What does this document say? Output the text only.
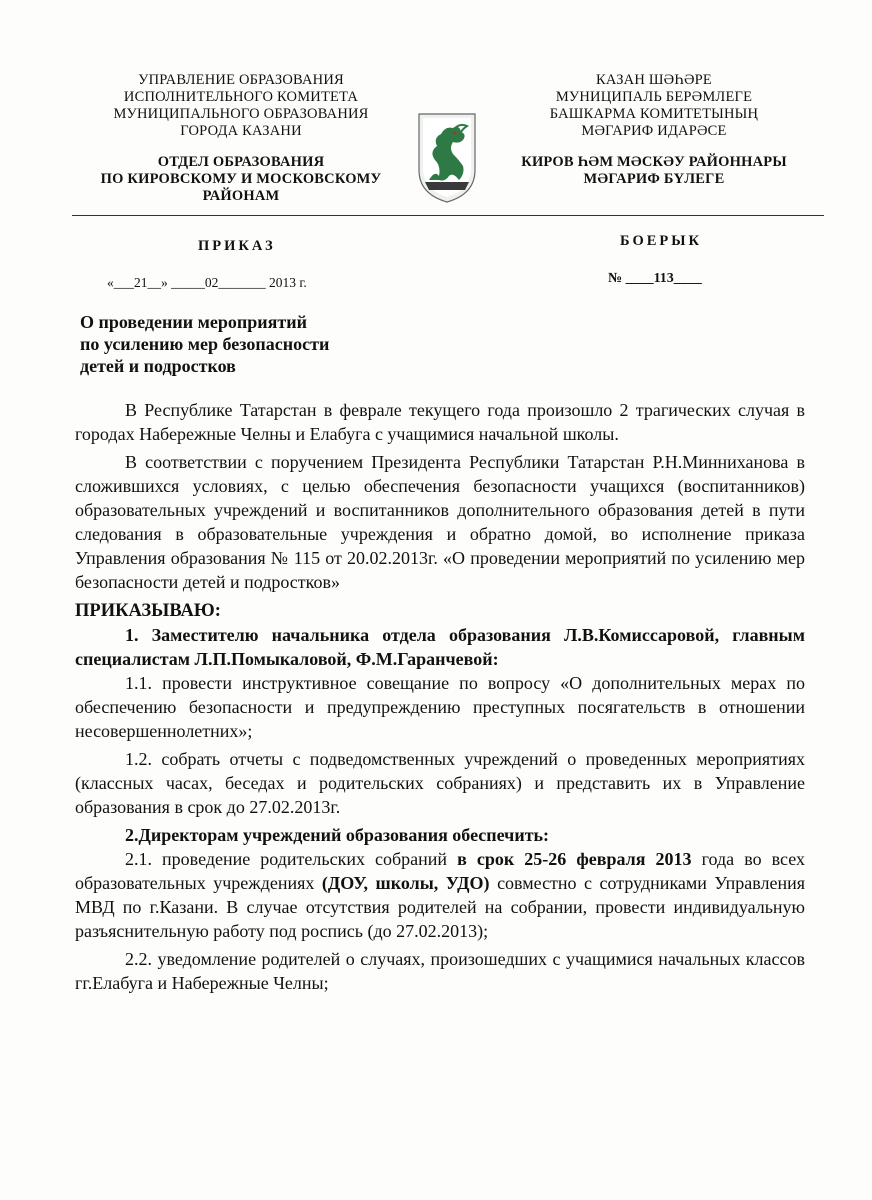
УПРАВЛЕНИЕ ОБРАЗОВАНИЯ
ИСПОЛНИТЕЛЬНОГО КОМИТЕТА
МУНИЦИПАЛЬНОГО ОБРАЗОВАНИЯ
ГОРОДА КАЗАНИ
ОТДЕЛ ОБРАЗОВАНИЯ
ПО КИРОВСКОМУ И МОСКОВСКОМУ
РАЙОНАМ
КАЗАН ШӘҺӘРЕ
МУНИЦИПАЛЬ БЕРӘМЛЕГЕ
БАШКАРМА КОМИТЕТЫНЫҢ
МӘГАРИФ ИДАРӘСЕ
КИРОВ ҺӘМ МӘСКӘУ РАЙОННАРЫ
МӘГАРИФ БҮЛЕГЕ
ПРИКАЗ	БОЕРЫК
«___21__» _____02_______ 2013 г.	№ ____113____
О проведении мероприятий
по усилению мер безопасности
детей и подростков

В Республике Татарстан в феврале текущего года произошло 2 трагических случая в городах Набережные Челны и Елабуга с учащимися начальной школы.

В соответствии с поручением Президента Республики Татарстан Р.Н.Минниханова в сложившихся условиях, с целью обеспечения безопасности учащихся (воспитанников) образовательных учреждений и воспитанников дополнительного образования детей в пути следования в образовательные учреждения и обратно домой, во исполнение приказа Управления образования № 115 от 20.02.2013г. «О проведении мероприятий по усилению мер безопасности детей и подростков»

ПРИКАЗЫВАЮ:

1. Заместителю начальника отдела образования Л.В.Комиссаровой, главным специалистам Л.П.Помыкаловой, Ф.М.Гаранчевой:

1.1. провести инструктивное совещание по вопросу «О дополнительных мерах по обеспечению безопасности и предупреждению преступных посягательств в отношении несовершеннолетних»;

1.2. собрать отчеты с подведомственных учреждений о проведенных мероприятиях (классных часах, беседах и родительских собраниях) и представить их в Управление образования в срок до 27.02.2013г.

2.Директорам учреждений образования обеспечить:

2.1. проведение родительских собраний в срок 25-26 февраля 2013 года во всех образовательных учреждениях (ДОУ, школы, УДО) совместно с сотрудниками Управления МВД по г.Казани. В случае отсутствия родителей на собрании, провести индивидуальную разъяснительную работу под роспись (до 27.02.2013);

2.2. уведомление родителей о случаях, произошедших с учащимися начальных классов гг.Елабуга и Набережные Челны;
